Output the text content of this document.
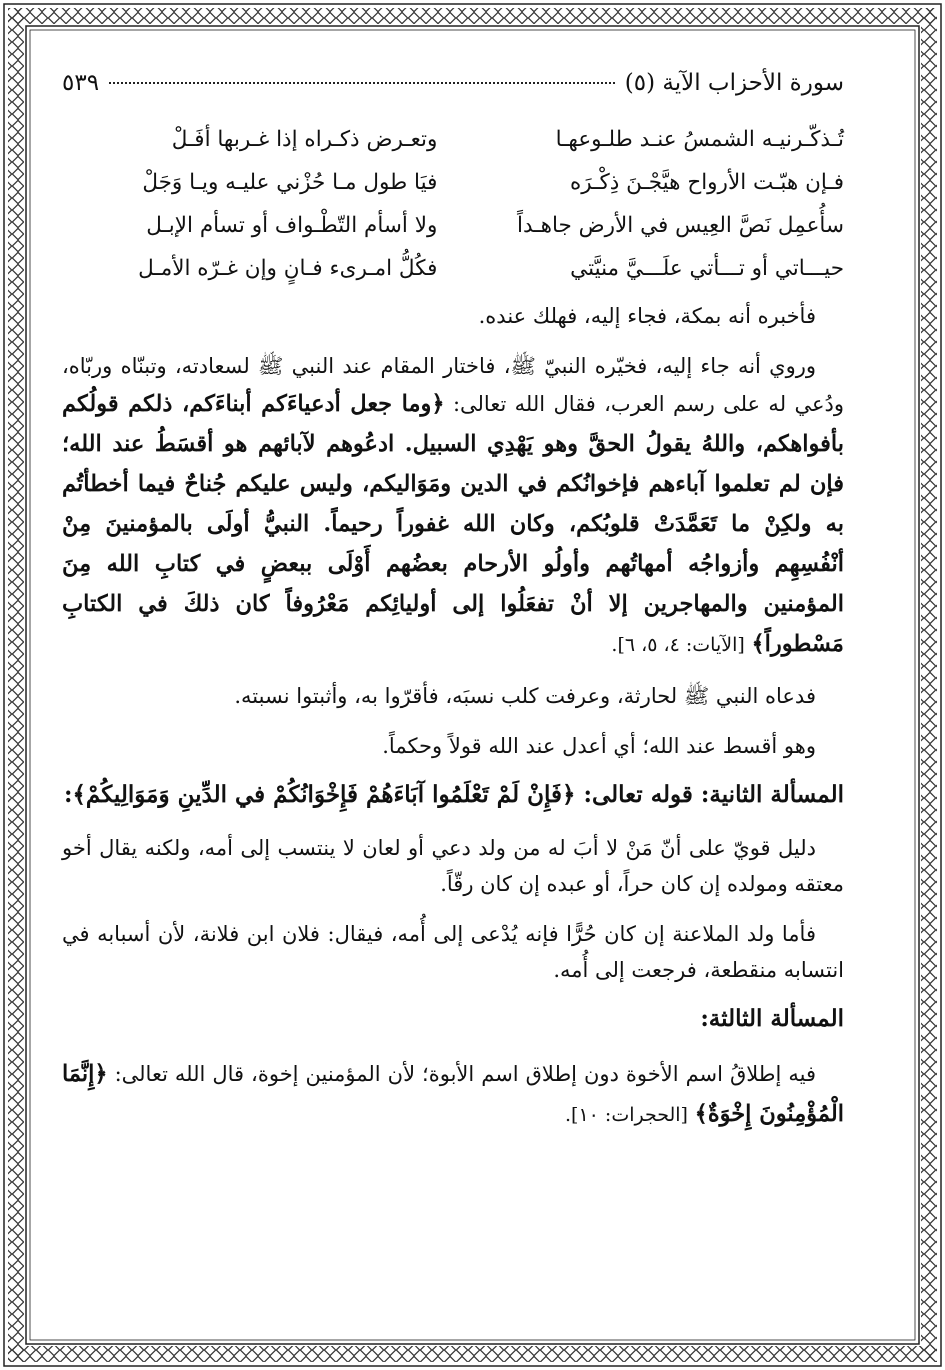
سورة الأحزاب الآية (٥)
٥٣٩
تُـذكّـرنيـه الشمسُ عنـد طلـوعهـا	وتعـرض ذكـراه إذا غـربها أفَـلْ
فـإن هبّـت الأرواح هيَّجْـنَ ذِكْـرَه	فيَا طول مـا حُزْني عليـه ويـا وَجَلْ
سأُعمِل نَصَّ العِيس في الأرض جاهـداً	ولا أسأم التّطْـواف أو تسأم الإبـل
حيـــاتي أو تـــأتي علَـــيَّ منيَّتي	فكُلُّ امـرىء فـانٍ وإن غـرّه الأمـل

فأخبره أنه بمكة، فجاء إليه، فهلك عنده.

وروي أنه جاء إليه، فخيّره النبيّ ﷺ، فاختار المقام عند النبي ﷺ لسعادته، وتبنّاه وربّاه، ودُعي له على رسم العرب، فقال الله تعالى: ﴿وما جعل أدعياءَكم أبناءَكم، ذلكم قولُكم بأفواهكم، واللهُ يقولُ الحقَّ وهو يَهْدِي السبيل. ادعُوهم لآبائهم هو أقسَطُ عند الله؛ فإن لم تعلموا آباءهم فإخوانُكم في الدين ومَوَاليكم، وليس عليكم جُناحٌ فيما أخطأتُم به ولكِنْ ما تَعَمَّدَتْ قلوبُكم، وكان الله غفوراً رحيماً. النبيُّ أولَى بالمؤمنينَ مِنْ أنْفُسِهِم وأزواجُه أمهاتُهم وأولُو الأرحام بعضُهم أَوْلَى ببعضٍ في كتابِ الله مِنَ المؤمنين والمهاجرين إلا أنْ تفعَلُوا إلى أوليائِكم مَعْرُوفاً كان ذلكَ في الكتابِ مَسْطوراً﴾ [الآيات: ٤، ٥، ٦].

فدعاه النبي ﷺ لحارثة، وعرفت كلب نسبَه، فأقرّوا به، وأثبتوا نسبته.

وهو أقسط عند الله؛ أي أعدل عند الله قولاً وحكماً.

المسألة الثانية: قوله تعالى: ﴿فَإِنْ لَمْ تَعْلَمُوا آبَاءَهُمْ فَإِخْوَانُكُمْ في الدِّينِ وَمَوَالِيكُمْ﴾:

دليل قويّ على أنّ مَنْ لا أبَ له من ولد دعي أو لعان لا ينتسب إلى أمه، ولكنه يقال أخو معتقه ومولده إن كان حراً، أو عبده إن كان رقّاً.

فأما ولد الملاعنة إن كان حُرًّا فإنه يُدْعى إلى أُمه، فيقال: فلان ابن فلانة، لأن أسبابه في انتسابه منقطعة، فرجعت إلى أُمه.

المسألة الثالثة:

فيه إطلاقُ اسم الأخوة دون إطلاق اسم الأبوة؛ لأن المؤمنين إخوة، قال الله تعالى: ﴿إِنَّمَا الْمُؤْمِنُونَ إِخْوَةٌ﴾ [الحجرات: ١٠].
